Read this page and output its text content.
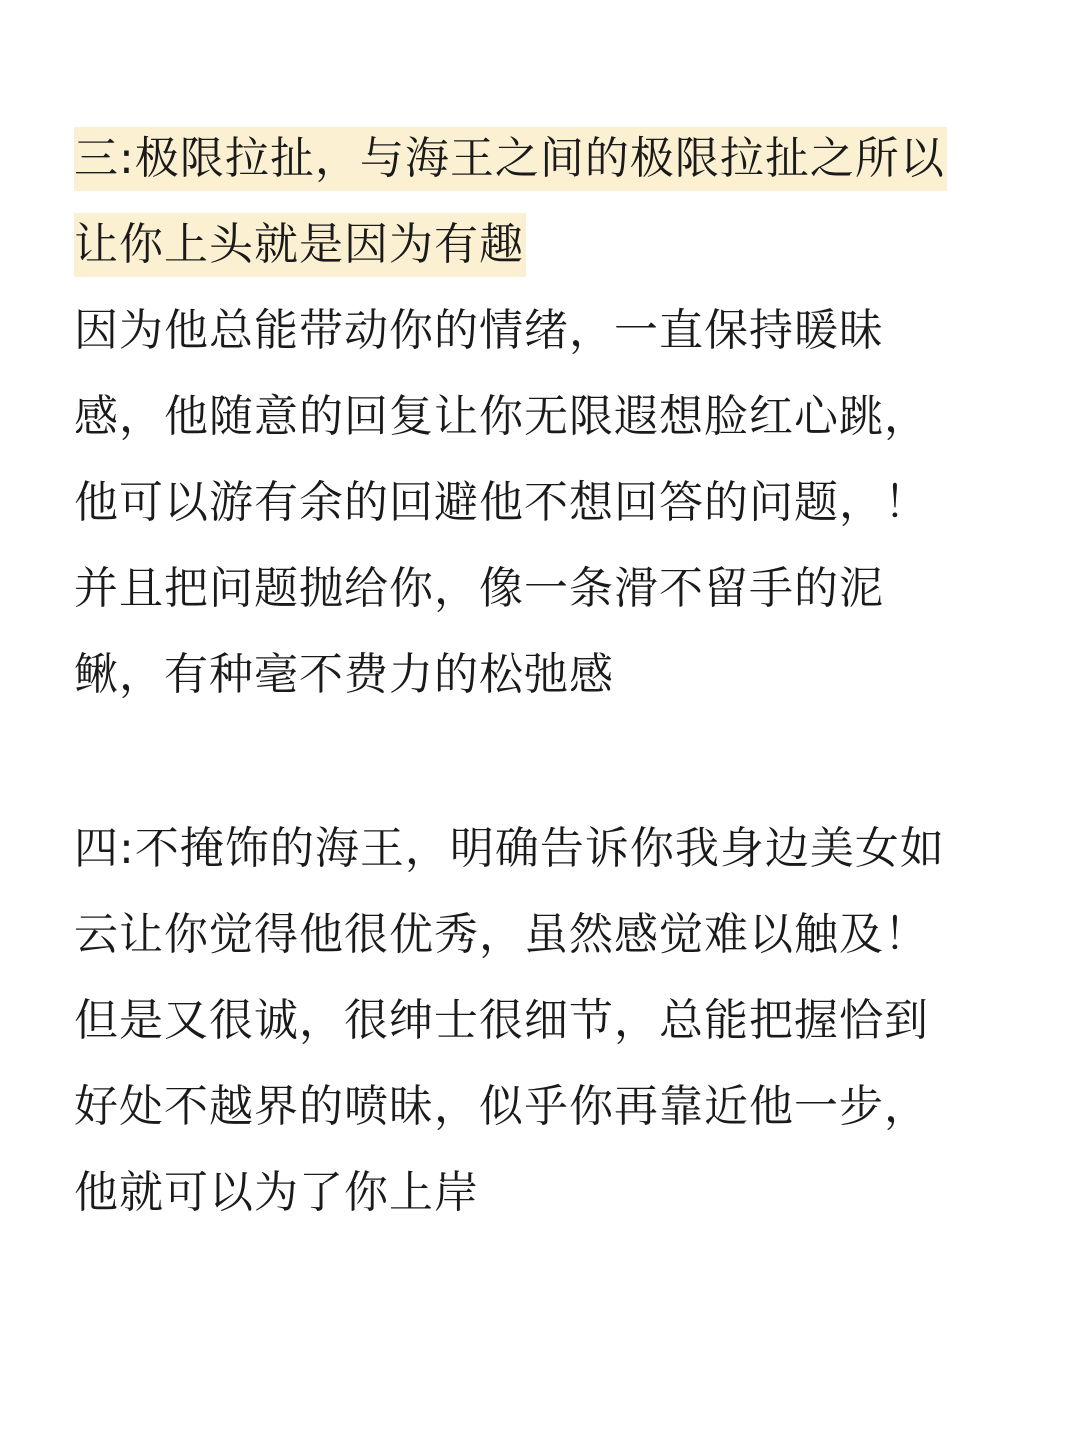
三:极限拉扯，与海王之间的极限拉扯之所以
让你上头就是因为有趣
因为他总能带动你的情绪，一直保持暖昧
感，他随意的回复让你无限遐想脸红心跳，
他可以游有余的回避他不想回答的问题，！
并且把问题抛给你，像一条滑不留手的泥
鳅，有种毫不费力的松弛感
四:不掩饰的海王，明确告诉你我身边美女如
云让你觉得他很优秀，虽然感觉难以触及！
但是又很诚，很绅士很细节，总能把握恰到
好处不越界的喷昧，似乎你再靠近他一步，
他就可以为了你上岸
